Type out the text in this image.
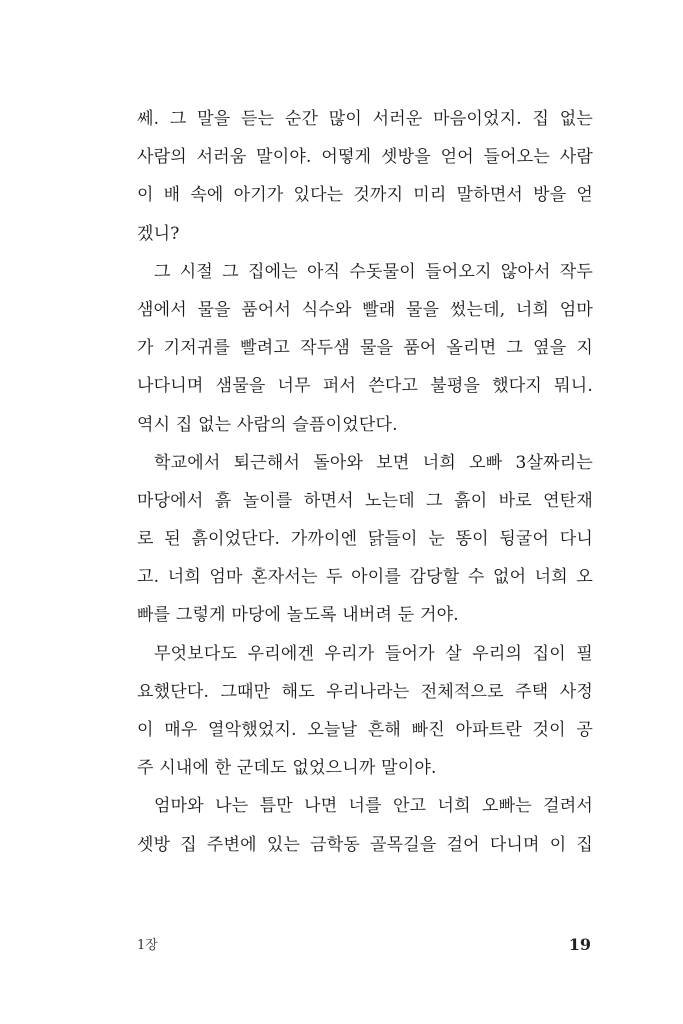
쎄. 그 말을 듣는 순간 많이 서러운 마음이었지. 집 없는
사람의 서러움 말이야. 어떻게 셋방을 얻어 들어오는 사람
이 배 속에 아기가 있다는 것까지 미리 말하면서 방을 얻
겠니?
그 시절 그 집에는 아직 수돗물이 들어오지 않아서 작두
샘에서 물을 품어서 식수와 빨래 물을 썼는데, 너희 엄마
가 기저귀를 빨려고 작두샘 물을 품어 올리면 그 옆을 지
나다니며 샘물을 너무 퍼서 쓴다고 불평을 했다지 뭐니.
역시 집 없는 사람의 슬픔이었단다.
학교에서 퇴근해서 돌아와 보면 너희 오빠 3살짜리는
마당에서 흙 놀이를 하면서 노는데 그 흙이 바로 연탄재
로 된 흙이었단다. 가까이엔 닭들이 눈 똥이 뒹굴어 다니
고. 너희 엄마 혼자서는 두 아이를 감당할 수 없어 너희 오
빠를 그렇게 마당에 놀도록 내버려 둔 거야.
무엇보다도 우리에겐 우리가 들어가 살 우리의 집이 필
요했단다. 그때만 해도 우리나라는 전체적으로 주택 사정
이 매우 열악했었지. 오늘날 흔해 빠진 아파트란 것이 공
주 시내에 한 군데도 없었으니까 말이야.
엄마와 나는 틈만 나면 너를 안고 너희 오빠는 걸려서
셋방 집 주변에 있는 금학동 골목길을 걸어 다니며 이 집
1장	19
